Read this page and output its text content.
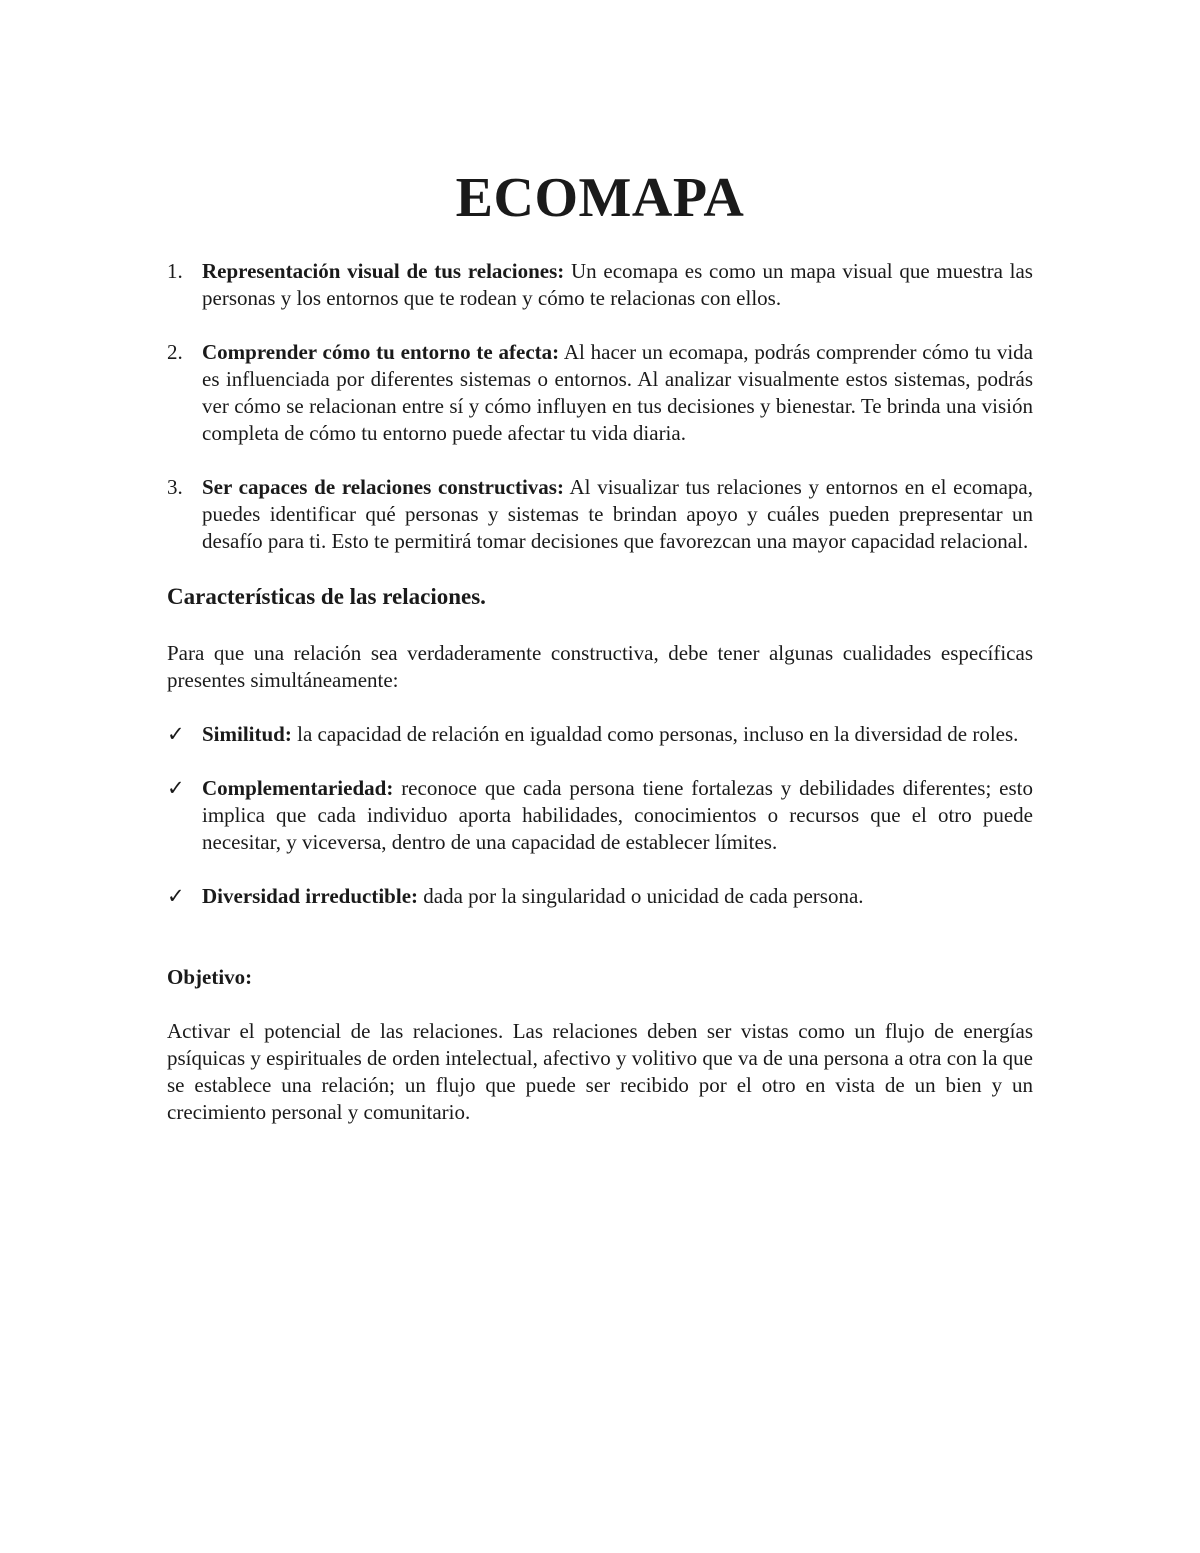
ECOMAPA
1. Representación visual de tus relaciones: Un ecomapa es como un mapa visual que muestra las personas y los entornos que te rodean y cómo te relacionas con ellos.

2. Comprender cómo tu entorno te afecta: Al hacer un ecomapa, podrás comprender cómo tu vida es influenciada por diferentes sistemas o entornos. Al analizar visualmente estos sistemas, podrás ver cómo se relacionan entre sí y cómo influyen en tus decisiones y bienestar. Te brinda una visión completa de cómo tu entorno puede afectar tu vida diaria.

3. Ser capaces de relaciones constructivas: Al visualizar tus relaciones y entornos en el ecomapa, puedes identificar qué personas y sistemas te brindan apoyo y cuáles pueden prepresentar un desafío para ti. Esto te permitirá tomar decisiones que favorezcan una mayor capacidad relacional.

Características de las relaciones.

Para que una relación sea verdaderamente constructiva, debe tener algunas cualidades específicas presentes simultáneamente:

✓ Similitud: la capacidad de relación en igualdad como personas, incluso en la diversidad de roles.

✓ Complementariedad: reconoce que cada persona tiene fortalezas y debilidades diferentes; esto implica que cada individuo aporta habilidades, conocimientos o recursos que el otro puede necesitar, y viceversa, dentro de una capacidad de establecer límites.

✓ Diversidad irreductible: dada por la singularidad o unicidad de cada persona.

Objetivo:

Activar el potencial de las relaciones. Las relaciones deben ser vistas como un flujo de energías psíquicas y espirituales de orden intelectual, afectivo y volitivo que va de una persona a otra con la que se establece una relación; un flujo que puede ser recibido por el otro en vista de un bien y un crecimiento personal y comunitario.
